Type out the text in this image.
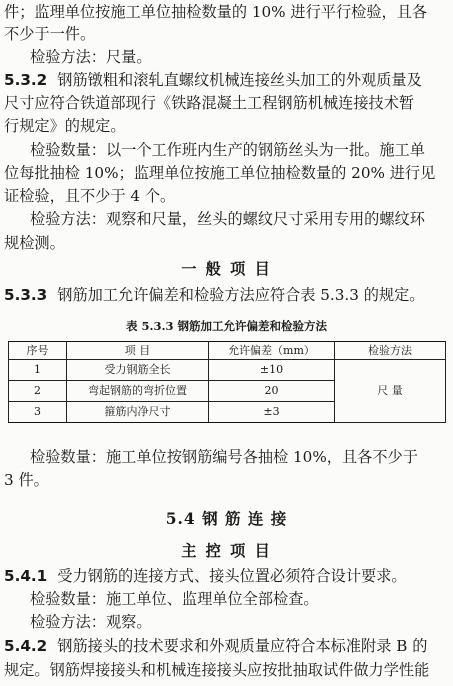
件；监理单位按施工单位抽检数量的 10% 进行平行检验，且各
不少于一件。
检验方法：尺量。
5.3.2 钢筋镦粗和滚轧直螺纹机械连接丝头加工的外观质量及
尺寸应符合铁道部现行《铁路混凝土工程钢筋机械连接技术暂
行规定》的规定。
检验数量：以一个工作班内生产的钢筋丝头为一批。施工单
位每批抽检 10%；监理单位按施工单位抽检数量的 20% 进行见
证检验，且不少于 4 个。
检验方法：观察和尺量，丝头的螺纹尺寸采用专用的螺纹环
规检测。
一 般 项 目
5.3.3 钢筋加工允许偏差和检验方法应符合表 5.3.3 的规定。
表 5.3.3 钢筋加工允许偏差和检验方法
序号	项 目	允许偏差（mm）	检验方法
1	受力钢筋全长	±10	尺 量
2	弯起钢筋的弯折位置	20	
3	箍筋内净尺寸	±3	
检验数量：施工单位按钢筋编号各抽检 10%，且各不少于
3 件。
5.4 钢 筋 连 接
主 控 项 目
5.4.1 受力钢筋的连接方式、接头位置必须符合设计要求。
检验数量：施工单位、监理单位全部检查。
检验方法：观察。
5.4.2 钢筋接头的技术要求和外观质量应符合本标准附录 B 的
规定。钢筋焊接接头和机械连接接头应按批抽取试件做力学性能
